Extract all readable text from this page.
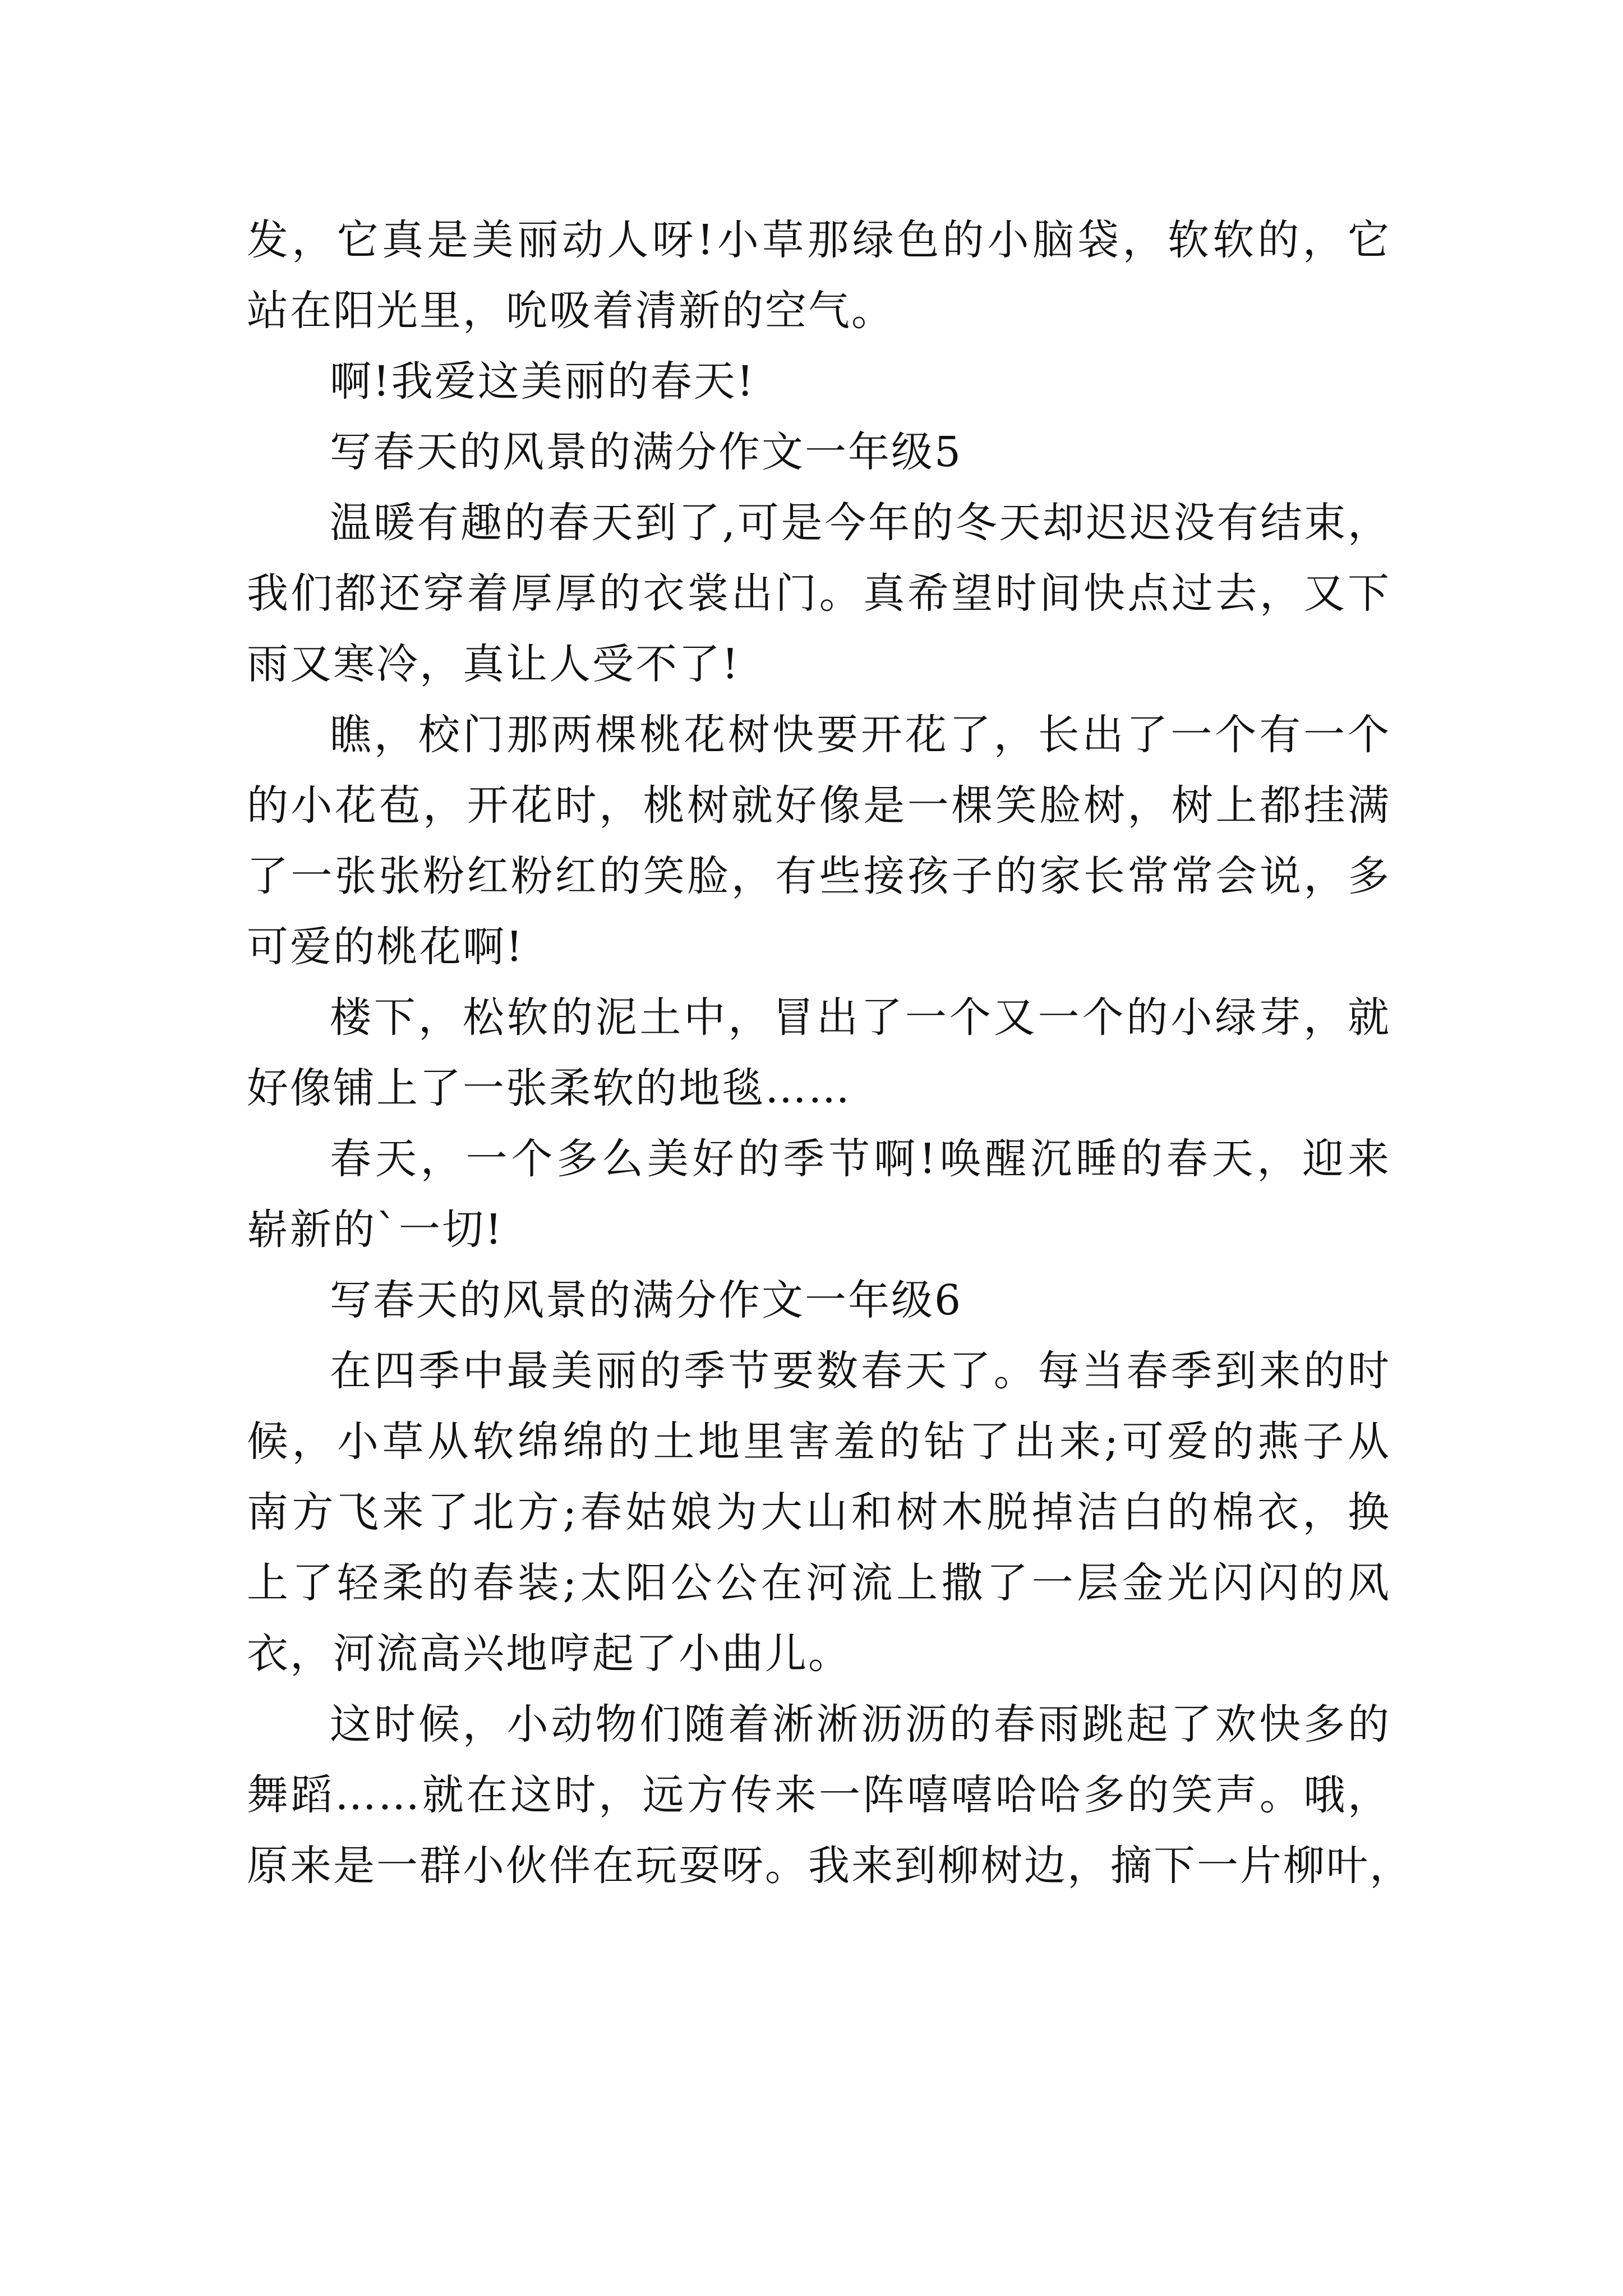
发，它真是美丽动人呀!小草那绿色的小脑袋，软软的，它
站在阳光里，吮吸着清新的空气。
啊!我爱这美丽的春天!
写春天的风景的满分作文一年级5
温暖有趣的春天到了,可是今年的冬天却迟迟没有结束，
我们都还穿着厚厚的衣裳出门。真希望时间快点过去，又下
雨又寒冷，真让人受不了!
瞧，校门那两棵桃花树快要开花了，长出了一个有一个
的小花苞，开花时，桃树就好像是一棵笑脸树，树上都挂满
了一张张粉红粉红的笑脸，有些接孩子的家长常常会说，多
可爱的桃花啊!
楼下，松软的泥土中，冒出了一个又一个的小绿芽，就
好像铺上了一张柔软的地毯……
春天，一个多么美好的季节啊!唤醒沉睡的春天，迎来
崭新的`一切!
写春天的风景的满分作文一年级6
在四季中最美丽的季节要数春天了。每当春季到来的时
候，小草从软绵绵的土地里害羞的钻了出来;可爱的燕子从
南方飞来了北方;春姑娘为大山和树木脱掉洁白的棉衣，换
上了轻柔的春装;太阳公公在河流上撒了一层金光闪闪的风
衣，河流高兴地哼起了小曲儿。
这时候，小动物们随着淅淅沥沥的春雨跳起了欢快多的
舞蹈……就在这时，远方传来一阵嘻嘻哈哈多的笑声。哦，
原来是一群小伙伴在玩耍呀。我来到柳树边，摘下一片柳叶，
